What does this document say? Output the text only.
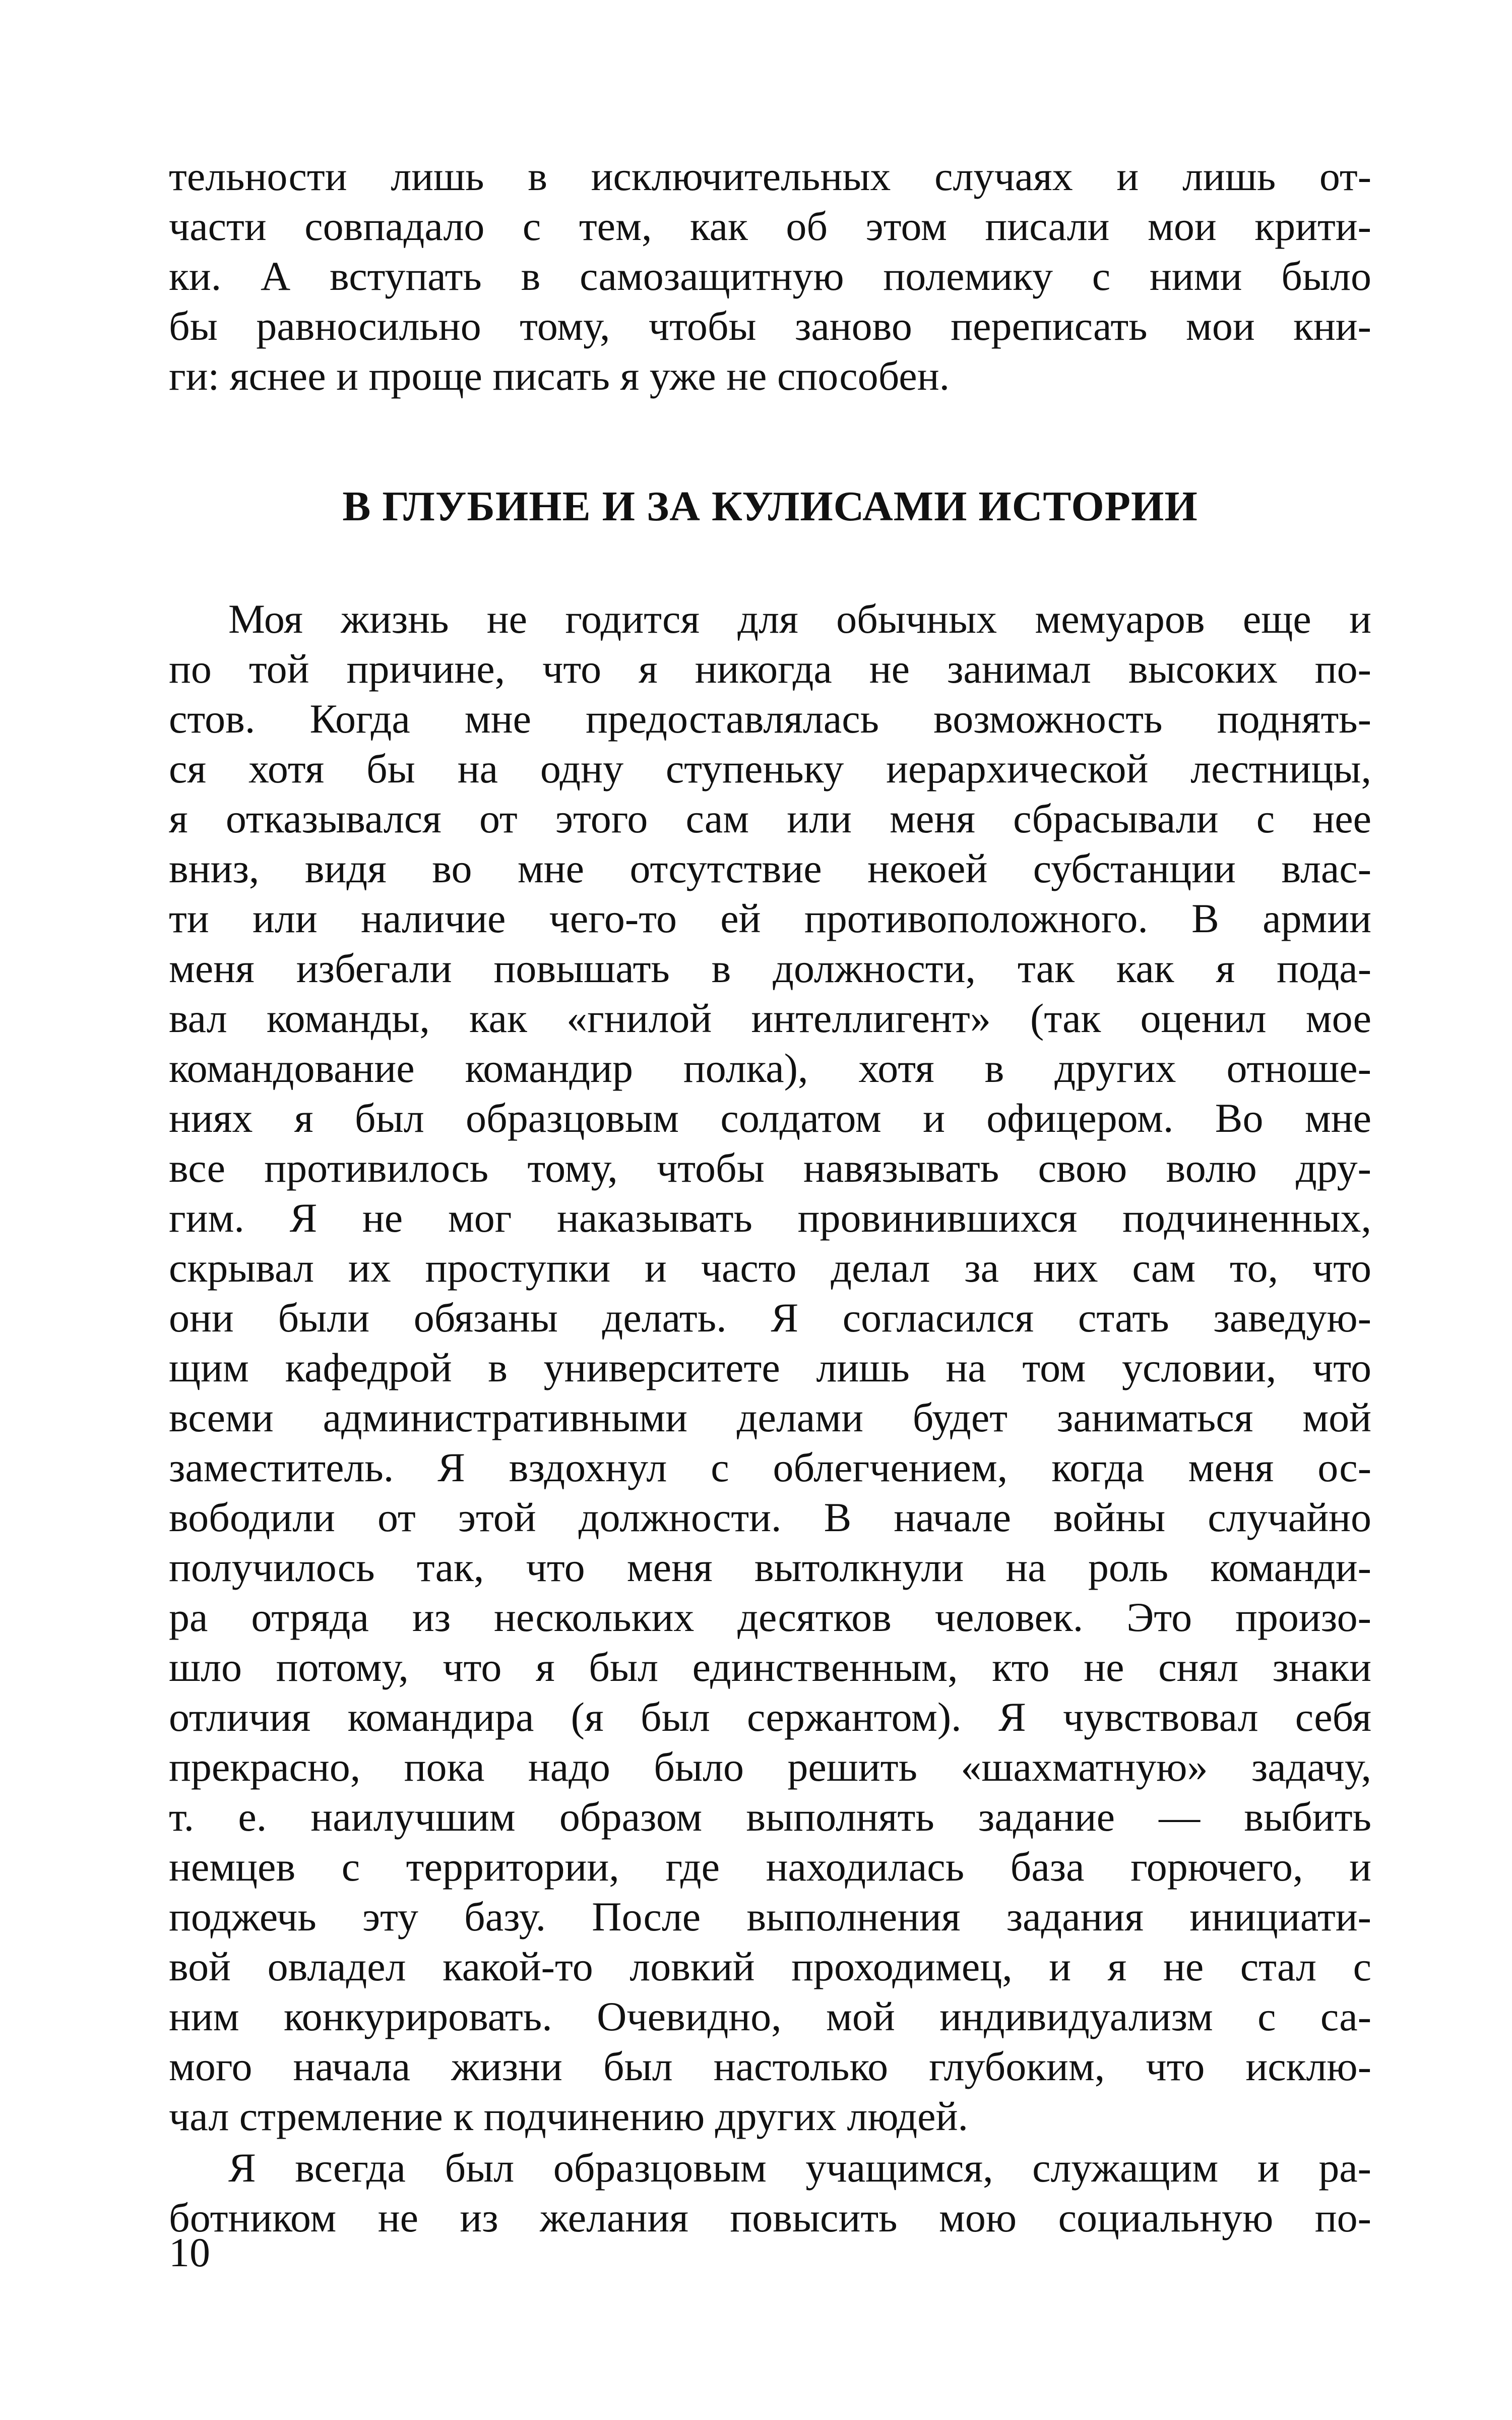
тельности лишь в исключительных случаях и лишь от-
части совпадало с тем, как об этом писали мои крити-
ки. А вступать в самозащитную полемику с ними было
бы равносильно тому, чтобы заново переписать мои кни-
ги: яснее и проще писать я уже не способен.
В ГЛУБИНЕ И ЗА КУЛИСАМИ ИСТОРИИ
Моя жизнь не годится для обычных мемуаров еще и
по той причине, что я никогда не занимал высоких по-
стов. Когда мне предоставлялась возможность поднять-
ся хотя бы на одну ступеньку иерархической лестницы,
я отказывался от этого сам или меня сбрасывали с нее
вниз, видя во мне отсутствие некоей субстанции влас-
ти или наличие чего-то ей противоположного. В армии
меня избегали повышать в должности, так как я пода-
вал команды, как «гнилой интеллигент» (так оценил мое
командование командир полка), хотя в других отноше-
ниях я был образцовым солдатом и офицером. Во мне
все противилось тому, чтобы навязывать свою волю дру-
гим. Я не мог наказывать провинившихся подчиненных,
скрывал их проступки и часто делал за них сам то, что
они были обязаны делать. Я согласился стать заведую-
щим кафедрой в университете лишь на том условии, что
всеми административными делами будет заниматься мой
заместитель. Я вздохнул с облегчением, когда меня ос-
вободили от этой должности. В начале войны случайно
получилось так, что меня вытолкнули на роль команди-
ра отряда из нескольких десятков человек. Это произо-
шло потому, что я был единственным, кто не снял знаки
отличия командира (я был сержантом). Я чувствовал себя
прекрасно, пока надо было решить «шахматную» задачу,
т. е. наилучшим образом выполнять задание — выбить
немцев с территории, где находилась база горючего, и
поджечь эту базу. После выполнения задания инициати-
вой овладел какой-то ловкий проходимец, и я не стал с
ним конкурировать. Очевидно, мой индивидуализм с са-
мого начала жизни был настолько глубоким, что исклю-
чал стремление к подчинению других людей.
Я всегда был образцовым учащимся, служащим и ра-
ботником не из желания повысить мою социальную по-
10
